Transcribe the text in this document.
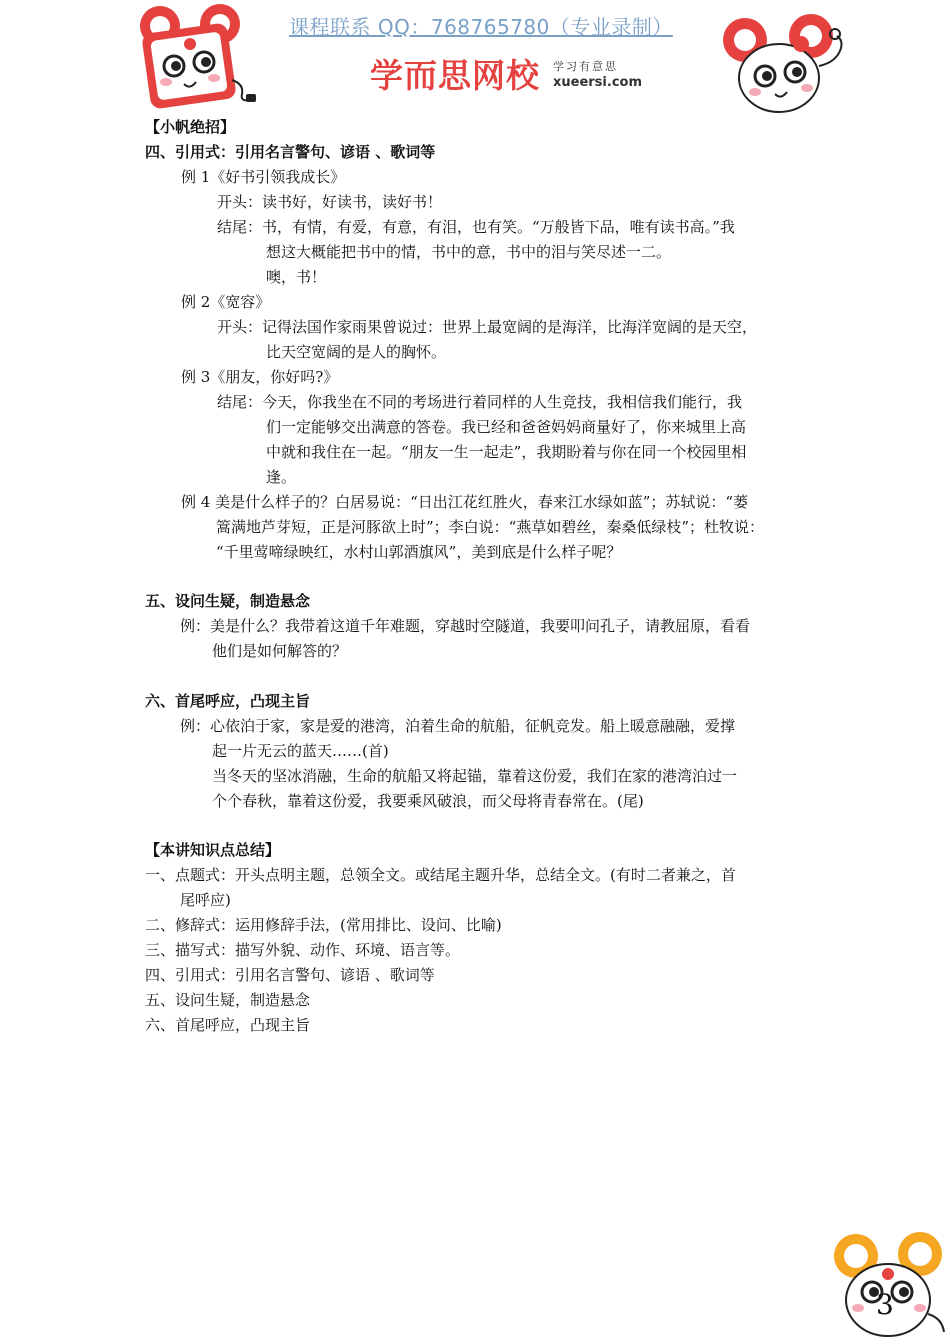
课程联系 QQ：768765780（专业录制）
学而思网校 学习有意思
xueersi.com
【小帆绝招】
四、引用式：引用名言警句、谚语 、歌词等
例 1《好书引领我成长》
开头：读书好，好读书，读好书！
结尾：书，有情，有爱，有意，有泪，也有笑。“万般皆下品，唯有读书高。”我
想这大概能把书中的情，书中的意，书中的泪与笑尽述一二。
噢，书！
例 2《宽容》
开头：记得法国作家雨果曾说过：世界上最宽阔的是海洋，比海洋宽阔的是天空，
比天空宽阔的是人的胸怀。
例 3《朋友，你好吗?》
结尾：今天，你我坐在不同的考场进行着同样的人生竞技，我相信我们能行，我
们一定能够交出满意的答卷。我已经和爸爸妈妈商量好了，你来城里上高
中就和我住在一起。“朋友一生一起走”，我期盼着与你在同一个校园里相
逢。
例 4 美是什么样子的？白居易说：“日出江花红胜火，春来江水绿如蓝”；苏轼说：“蒌
篙满地芦芽短，正是河豚欲上时”；李白说：“燕草如碧丝，秦桑低绿枝”；杜牧说：
“千里莺啼绿映红，水村山郭酒旗风”，美到底是什么样子呢？
五、设问生疑，制造悬念
例：美是什么？我带着这道千年难题，穿越时空隧道，我要叩问孔子，请教屈原，看看
他们是如何解答的？
六、首尾呼应，凸现主旨
例：心依泊于家，家是爱的港湾，泊着生命的航船，征帆竞发。船上暖意融融，爱撑
起一片无云的蓝天……(首)
当冬天的坚冰消融，生命的航船又将起锚，靠着这份爱，我们在家的港湾泊过一
个个春秋，靠着这份爱，我要乘风破浪，而父母将青春常在。(尾)
【本讲知识点总结】
一、点题式：开头点明主题，总领全文。或结尾主题升华，总结全文。(有时二者兼之，首
尾呼应)
二、修辞式：运用修辞手法，(常用排比、设问、比喻)
三、描写式：描写外貌、动作、环境、语言等。
四、引用式：引用名言警句、谚语 、歌词等
五、设问生疑，制造悬念
六、首尾呼应，凸现主旨
3
